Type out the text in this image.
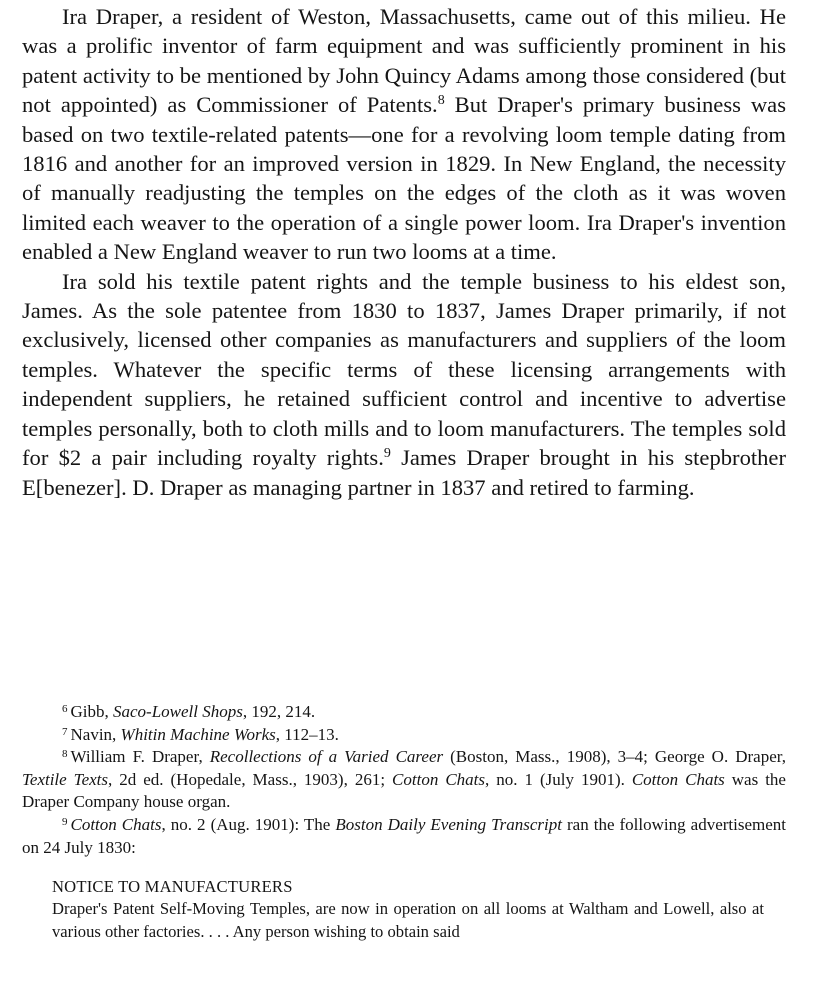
Ira Draper, a resident of Weston, Massachusetts, came out of this milieu. He was a prolific inventor of farm equipment and was sufficiently prominent in his patent activity to be mentioned by John Quincy Adams among those considered (but not appointed) as Commissioner of Patents.$^8$ But Draper's primary business was based on two textile-related patents—one for a revolving loom temple dating from 1816 and another for an improved version in 1829. In New England, the necessity of manually readjusting the temples on the edges of the cloth as it was woven limited each weaver to the operation of a single power loom. Ira Draper's invention enabled a New England weaver to run two looms at a time.

Ira sold his textile patent rights and the temple business to his eldest son, James. As the sole patentee from 1830 to 1837, James Draper primarily, if not exclusively, licensed other companies as manufacturers and suppliers of the loom temples. Whatever the specific terms of these licensing arrangements with independent suppliers, he retained sufficient control and incentive to advertise temples personally, both to cloth mills and to loom manufacturers. The temples sold for $2 a pair including royalty rights.$^9$ James Draper brought in his stepbrother E[benezer]. D. Draper as managing partner in 1837 and retired to farming.

$^6$ Gibb, Saco-Lowell Shops, 192, 214.

$^7$ Navin, Whitin Machine Works, 112–13.

$^8$ William F. Draper, Recollections of a Varied Career (Boston, Mass., 1908), 3–4; George O. Draper, Textile Texts, 2d ed. (Hopedale, Mass., 1903), 261; Cotton Chats, no. 1 (July 1901). Cotton Chats was the Draper Company house organ.

$^9$ Cotton Chats, no. 2 (Aug. 1901): The Boston Daily Evening Transcript ran the following advertisement on 24 July 1830:

NOTICE TO MANUFACTURERS

Draper's Patent Self-Moving Temples, are now in operation on all looms at Waltham and Lowell, also at various other factories. . . . Any person wishing to obtain said
